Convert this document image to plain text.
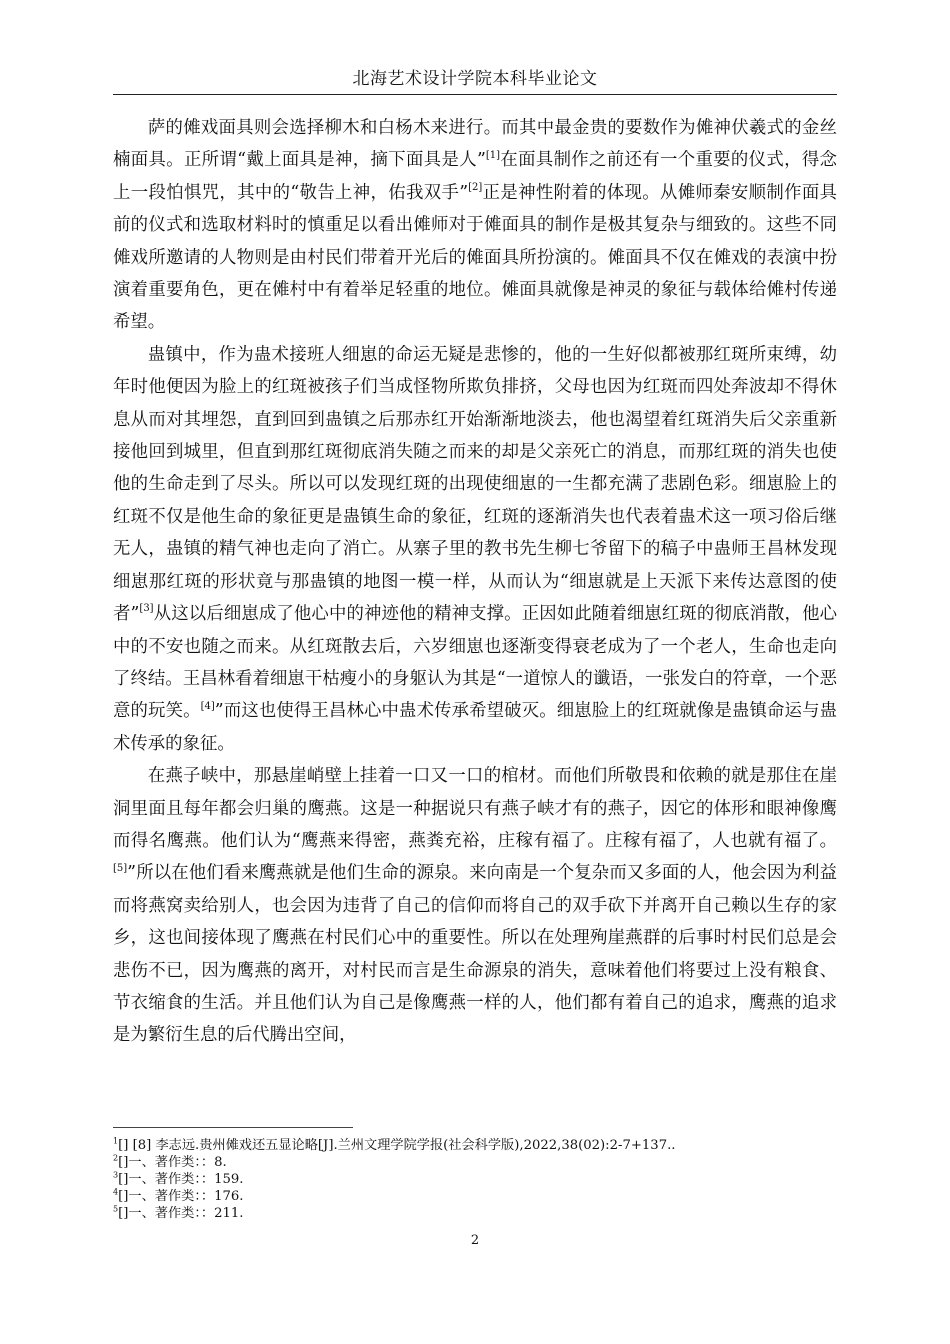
北海艺术设计学院本科毕业论文

萨的傩戏面具则会选择柳木和白杨木来进行。而其中最金贵的要数作为傩神伏羲式的金丝楠面具。正所谓“戴上面具是神，摘下面具是人”[1]在面具制作之前还有一个重要的仪式，得念上一段怕惧咒，其中的“敬告上神，佑我双手”[2]正是神性附着的体现。从傩师秦安顺制作面具前的仪式和选取材料时的慎重足以看出傩师对于傩面具的制作是极其复杂与细致的。这些不同傩戏所邀请的人物则是由村民们带着开光后的傩面具所扮演的。傩面具不仅在傩戏的表演中扮演着重要角色，更在傩村中有着举足轻重的地位。傩面具就像是神灵的象征与载体给傩村传递希望。

蛊镇中，作为蛊术接班人细崽的命运无疑是悲惨的，他的一生好似都被那红斑所束缚，幼年时他便因为脸上的红斑被孩子们当成怪物所欺负排挤，父母也因为红斑而四处奔波却不得休息从而对其埋怨，直到回到蛊镇之后那赤红开始渐渐地淡去，他也渴望着红斑消失后父亲重新接他回到城里，但直到那红斑彻底消失随之而来的却是父亲死亡的消息，而那红斑的消失也使他的生命走到了尽头。所以可以发现红斑的出现使细崽的一生都充满了悲剧色彩。细崽脸上的红斑不仅是他生命的象征更是蛊镇生命的象征，红斑的逐渐消失也代表着蛊术这一项习俗后继无人，蛊镇的精气神也走向了消亡。从寨子里的教书先生柳七爷留下的稿子中蛊师王昌林发现细崽那红斑的形状竟与那蛊镇的地图一模一样，从而认为“细崽就是上天派下来传达意图的使者”[3]从这以后细崽成了他心中的神迹他的精神支撑。正因如此随着细崽红斑的彻底消散，他心中的不安也随之而来。从红斑散去后，六岁细崽也逐渐变得衰老成为了一个老人，生命也走向了终结。王昌林看着细崽干枯瘦小的身躯认为其是“一道惊人的谶语，一张发白的符章，一个恶意的玩笑。[4]”而这也使得王昌林心中蛊术传承希望破灭。细崽脸上的红斑就像是蛊镇命运与蛊术传承的象征。

在燕子峡中，那悬崖峭壁上挂着一口又一口的棺材。而他们所敬畏和依赖的就是那住在崖洞里面且每年都会归巢的鹰燕。这是一种据说只有燕子峡才有的燕子，因它的体形和眼神像鹰而得名鹰燕。他们认为“鹰燕来得密，燕粪充裕，庄稼有福了。庄稼有福了，人也就有福了。[5]”所以在他们看来鹰燕就是他们生命的源泉。来向南是一个复杂而又多面的人，他会因为利益而将燕窝卖给别人，也会因为违背了自己的信仰而将自己的双手砍下并离开自己赖以生存的家乡，这也间接体现了鹰燕在村民们心中的重要性。所以在处理殉崖燕群的后事时村民们总是会悲伤不已，因为鹰燕的离开，对村民而言是生命源泉的消失，意味着他们将要过上没有粮食、节衣缩食的生活。并且他们认为自己是像鹰燕一样的人，他们都有着自己的追求，鹰燕的追求是为繁衍生息的后代腾出空间，

$^1$[] [8] 李志远.贵州傩戏还五显论略[J].兰州文理学院学报(社会科学版),2022,38(02):2-7+137..
$^2$[]一、著作类：：8.
$^3$[]一、著作类：：159.
$^4$[]一、著作类：：176.
$^5$[]一、著作类：：211.
2
